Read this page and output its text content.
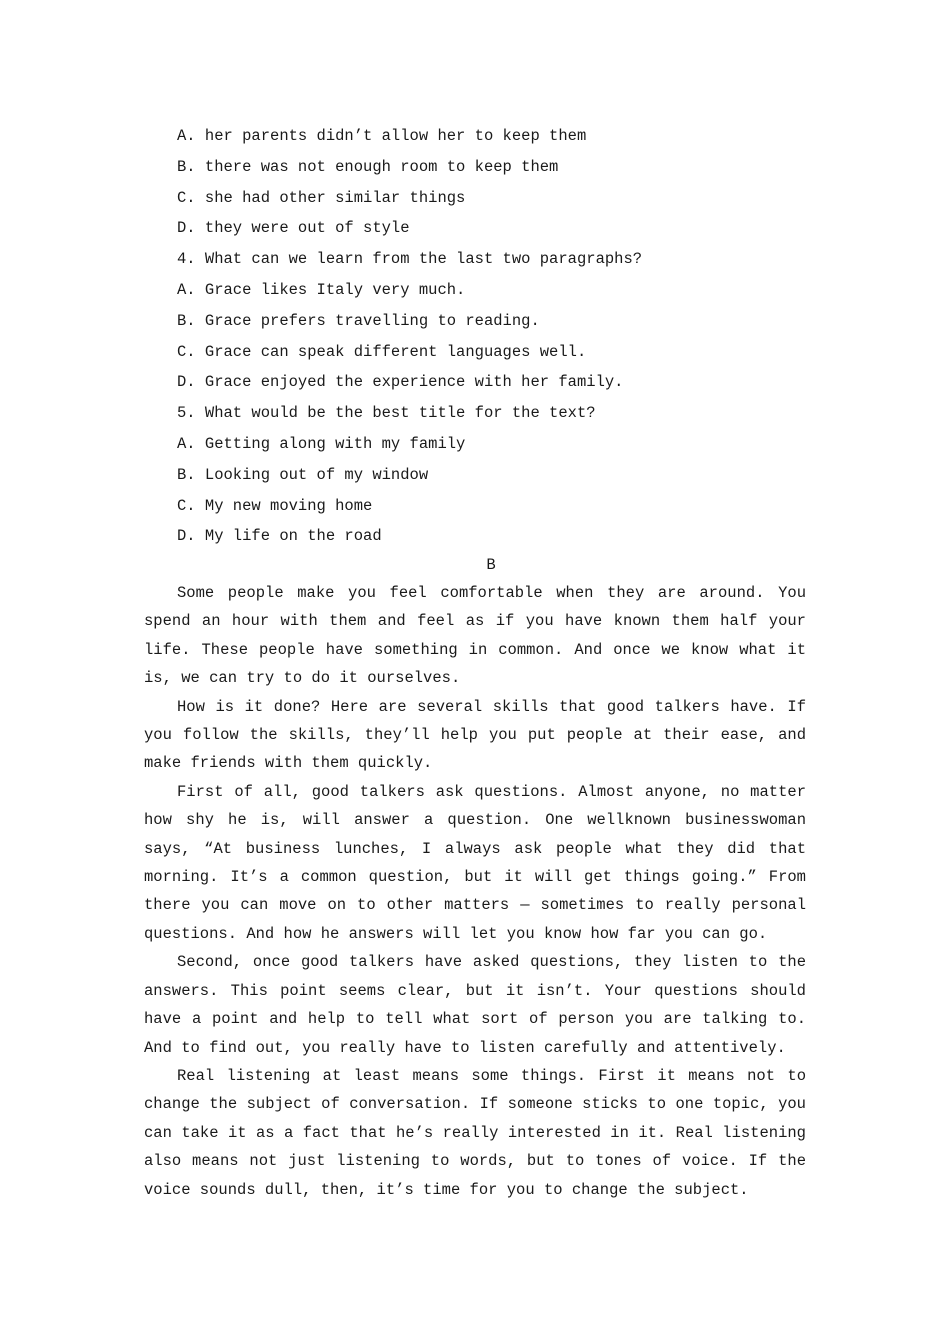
A. her parents didn’t allow her to keep them
B. there was not enough room to keep them
C. she had other similar things
D. they were out of style
4. What can we learn from the last two paragraphs?
A. Grace likes Italy very much.
B. Grace prefers travelling to reading.
C. Grace can speak different languages well.
D. Grace enjoyed the experience with her family.
5. What would be the best title for the text?
A. Getting along with my family
B. Looking out of my window
C. My new moving home
D. My life on the road
B

Some people make you feel comfortable when they are around. You spend an hour with them and feel as if you have known them half your life. These people have something in common. And once we know what it is, we can try to do it ourselves.

How is it done? Here are several skills that good talkers have. If you follow the skills, they’ll help you put people at their ease, and make friends with them quickly.

First of all, good talkers ask questions. Almost anyone, no matter how shy he is, will answer a question. One wellknown businesswoman says, “At business lunches, I always ask people what they did that morning. It’s a common question, but it will get things going.” From there you can move on to other matters — sometimes to really personal questions. And how he answers will let you know how far you can go.

Second, once good talkers have asked questions, they listen to the answers. This point seems clear, but it isn’t. Your questions should have a point and help to tell what sort of person you are talking to. And to find out, you really have to listen carefully and attentively.

Real listening at least means some things. First it means not to change the subject of conversation. If someone sticks to one topic, you can take it as a fact that he’s really interested in it. Real listening also means not just listening to words, but to tones of voice. If the voice sounds dull, then, it’s time for you to change the subject.
